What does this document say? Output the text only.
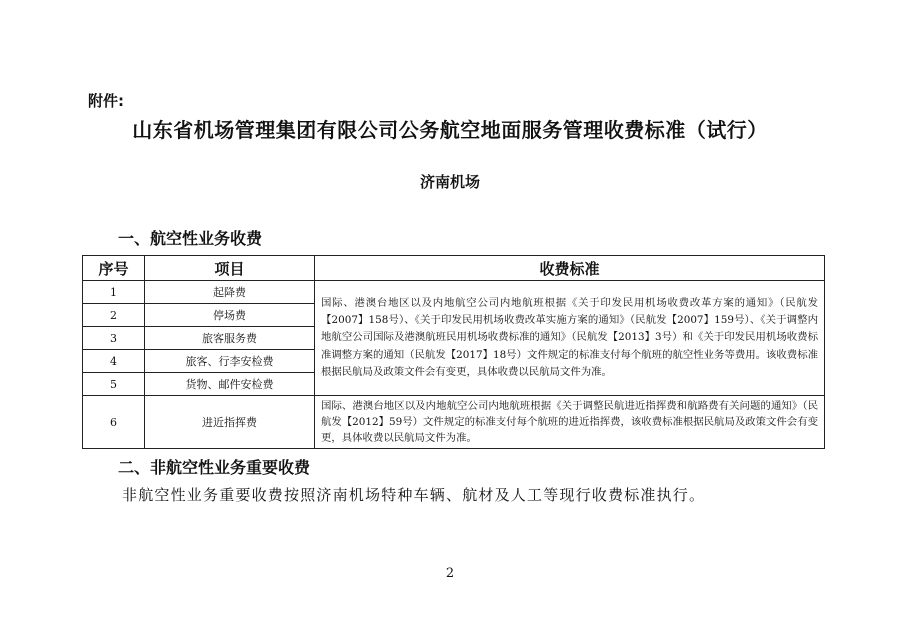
附件:
山东省机场管理集团有限公司公务航空地面服务管理收费标准（试行）
济南机场
一、航空性业务收费
序号	项目	收费标准
1	起降费	国际、港澳台地区以及内地航空公司内地航班根据《关于印发民用机场收费改革方案的通知》（民航发【2007】158号）、《关于印发民用机场收费改革实施方案的通知》（民航发【2007】159号）、《关于调整内地航空公司国际及港澳航班民用机场收费标准的通知》（民航发【2013】3号）和《关于印发民用机场收费标准调整方案的通知（民航发【2017】18号）文件规定的标准支付每个航班的航空性业务等费用。该收费标准根据民航局及政策文件会有变更，具体收费以民航局文件为准。
2	停场费	
3	旅客服务费	
4	旅客、行李安检费	
5	货物、邮件安检费	
6	进近指挥费	国际、港澳台地区以及内地航空公司内地航班根据《关于调整民航进近指挥费和航路费有关问题的通知》（民航发【2012】59号）文件规定的标准支付每个航班的进近指挥费，该收费标准根据民航局及政策文件会有变更，具体收费以民航局文件为准。
二、非航空性业务重要收费
非航空性业务重要收费按照济南机场特种车辆、航材及人工等现行收费标准执行。
2
